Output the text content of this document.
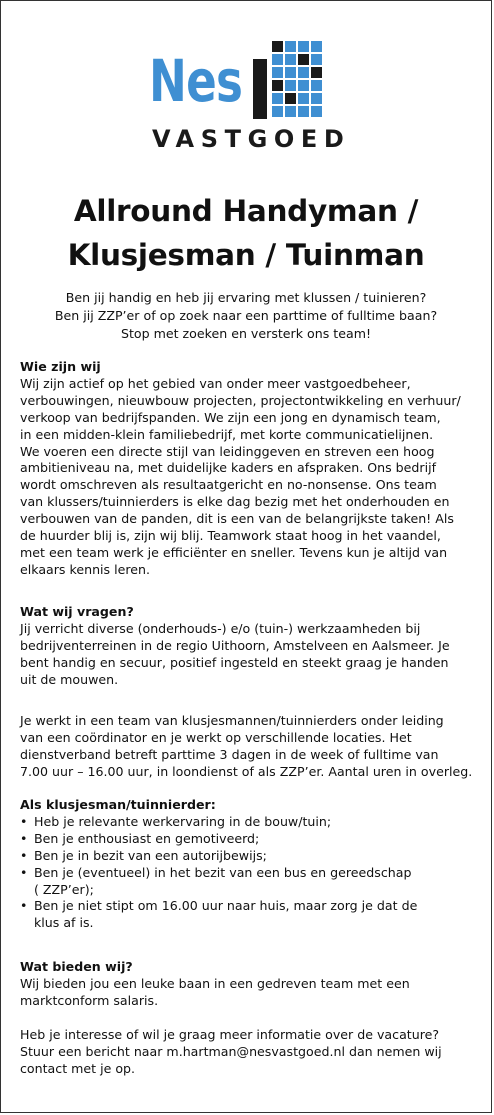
Nes
VASTGOED
Allround Handyman /
Klusjesman / Tuinman
Ben jij handig en heb jij ervaring met klussen / tuinieren?
Ben jij ZZP’er of op zoek naar een parttime of fulltime baan?
Stop met zoeken en versterk ons team!
Wie zijn wij
Wij zijn actief op het gebied van onder meer vastgoedbeheer,
verbouwingen, nieuwbouw projecten, projectontwikkeling en verhuur/
verkoop van bedrijfspanden. We zijn een jong en dynamisch team,
in een midden-klein familiebedrijf, met korte communicatielijnen.
We voeren een directe stijl van leidinggeven en streven een hoog
ambitieniveau na, met duidelijke kaders en afspraken. Ons bedrijf
wordt omschreven als resultaatgericht en no-nonsense. Ons team
van klussers/tuinnierders is elke dag bezig met het onderhouden en
verbouwen van de panden, dit is een van de belangrijkste taken! Als
de huurder blij is, zijn wij blij. Teamwork staat hoog in het vaandel,
met een team werk je efficiënter en sneller. Tevens kun je altijd van
elkaars kennis leren.
Wat wij vragen?
Jij verricht diverse (onderhouds-) e/o (tuin-) werkzaamheden bij
bedrijventerreinen in de regio Uithoorn, Amstelveen en Aalsmeer. Je
bent handig en secuur, positief ingesteld en steekt graag je handen
uit de mouwen.
Je werkt in een team van klusjesmannen/tuinnierders onder leiding
van een coördinator en je werkt op verschillende locaties. Het
dienstverband betreft parttime 3 dagen in de week of fulltime van
7.00 uur – 16.00 uur, in loondienst of als ZZP’er. Aantal uren in overleg.
Als klusjesman/tuinnierder:
• Heb je relevante werkervaring in de bouw/tuin;
• Ben je enthousiast en gemotiveerd;
• Ben je in bezit van een autorijbewijs;
• Ben je (eventueel) in het bezit van een bus en gereedschap
( ZZP’er);
• Ben je niet stipt om 16.00 uur naar huis, maar zorg je dat de
klus af is.
Wat bieden wij?
Wij bieden jou een leuke baan in een gedreven team met een
marktconform salaris.
Heb je interesse of wil je graag meer informatie over de vacature?
Stuur een bericht naar m.hartman@nesvastgoed.nl dan nemen wij
contact met je op.
